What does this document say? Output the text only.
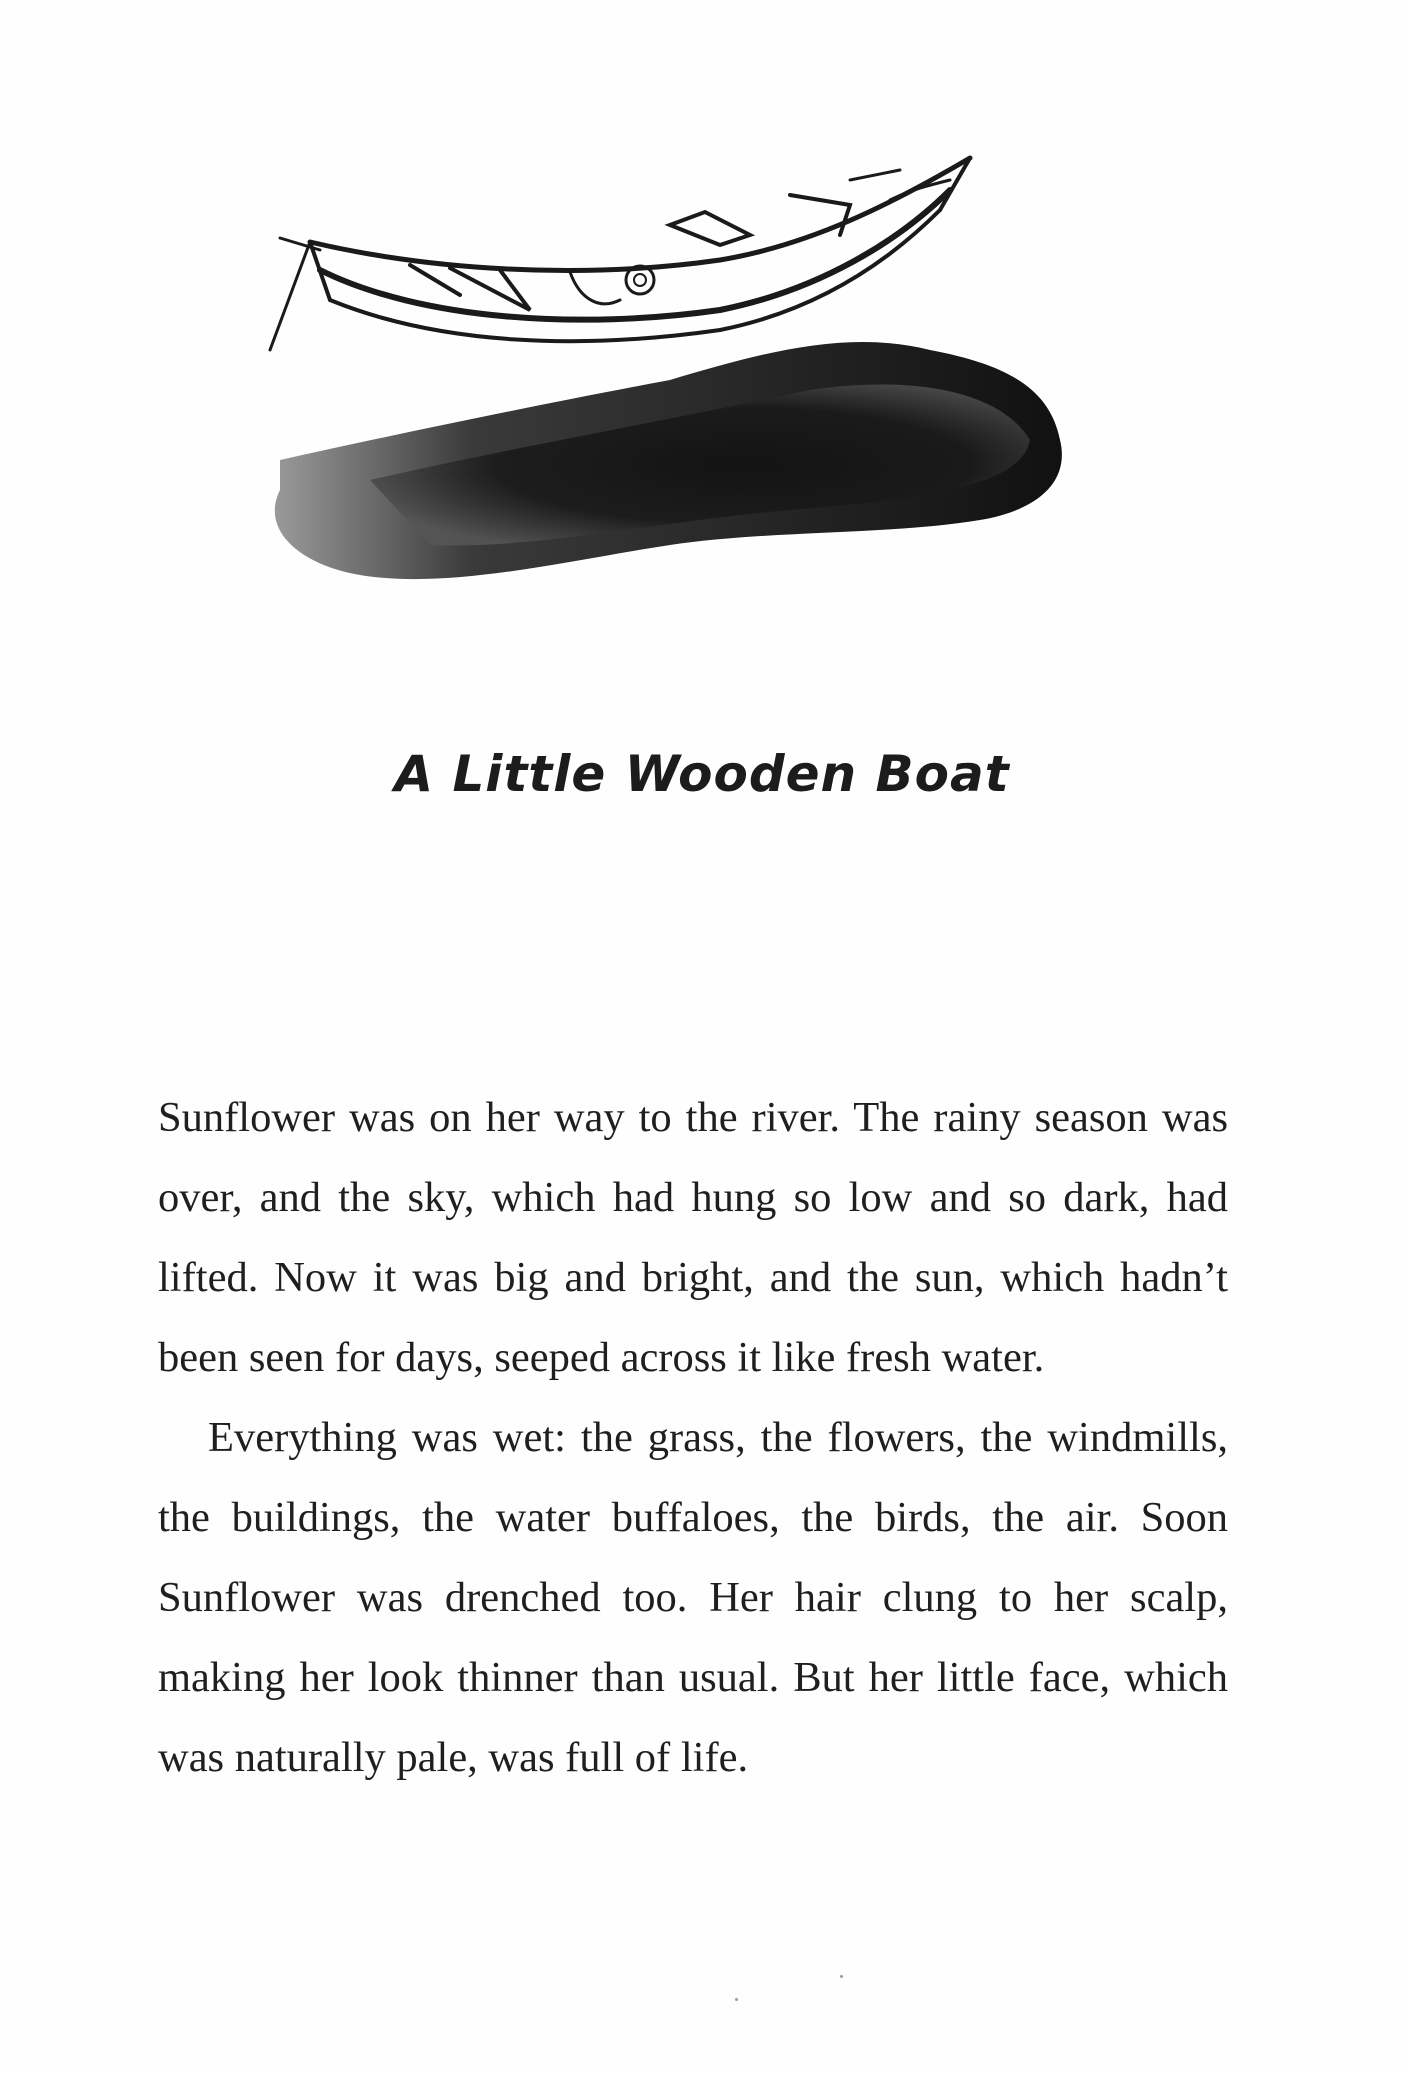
A Little Wooden Boat

Sunflower was on her way to the river. The rainy season was over, and the sky, which had hung so low and so dark, had lifted. Now it was big and bright, and the sun, which hadn’t been seen for days, seeped across it like fresh water.

Everything was wet: the grass, the flowers, the windmills, the buildings, the water buffaloes, the birds, the air. Soon Sunflower was drenched too. Her hair clung to her scalp, making her look thinner than usual. But her little face, which was naturally pale, was full of life.
